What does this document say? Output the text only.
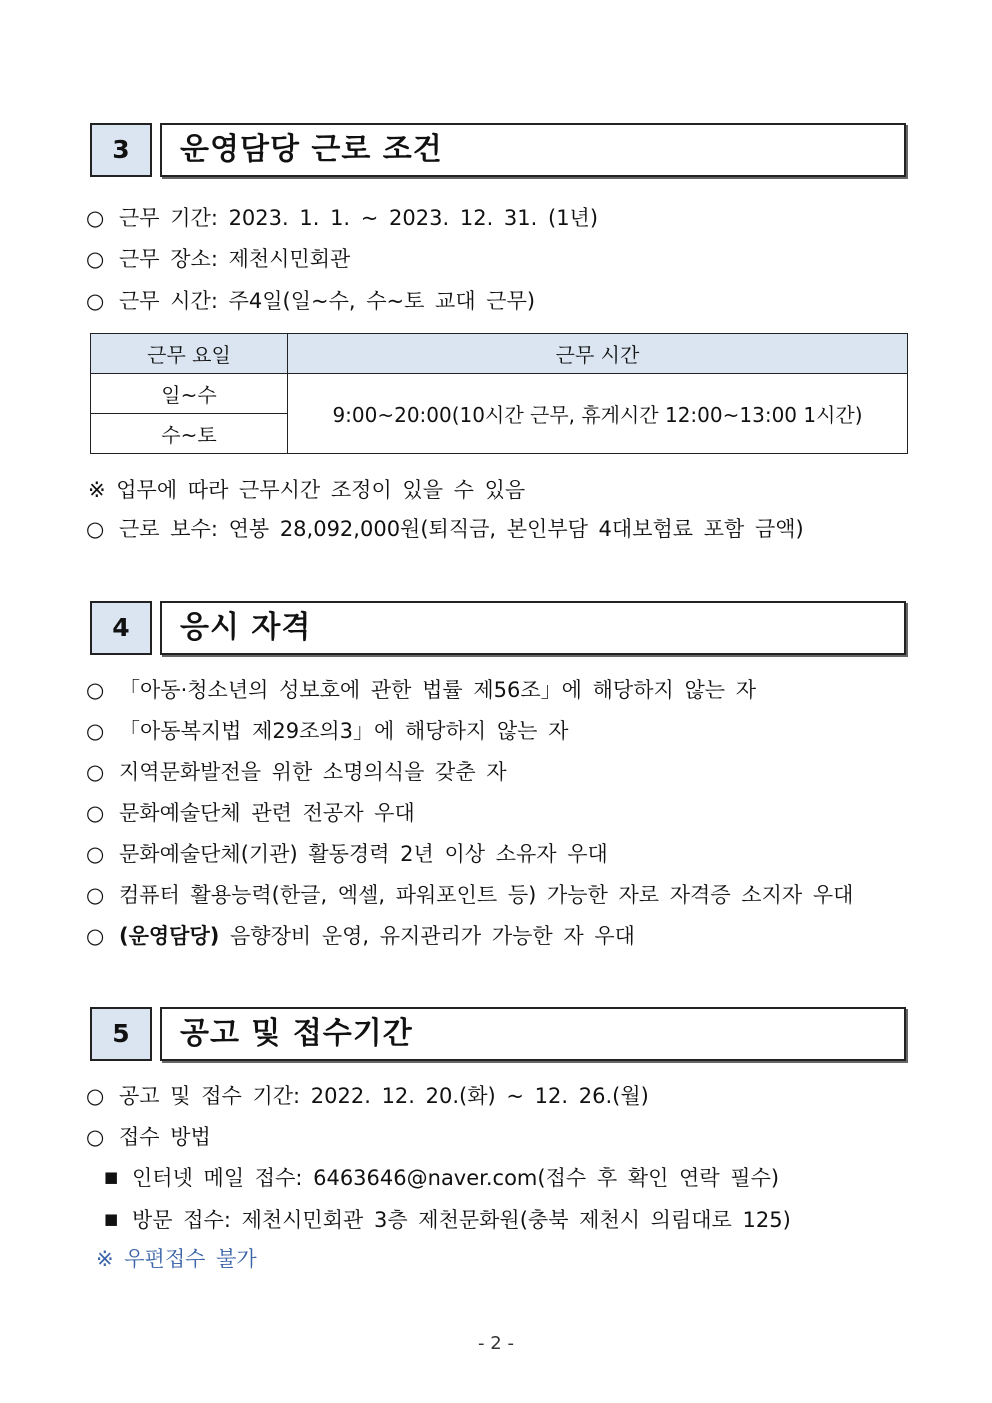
3	운영담당 근로 조건
○ 근무 기간: 2023. 1. 1. ~ 2023. 12. 31. (1년)
○ 근무 장소: 제천시민회관
○ 근무 시간: 주4일(일~수, 수~토 교대 근무)
근무 요일	근무 시간
일~수	9:00~20:00(10시간 근무, 휴게시간 12:00~13:00 1시간)
수~토	
※ 업무에 따라 근무시간 조정이 있을 수 있음
○ 근로 보수: 연봉 28,092,000원(퇴직금, 본인부담 4대보험료 포함 금액)
4	응시 자격
○ 「아동·청소년의 성보호에 관한 법률 제56조」에 해당하지 않는 자
○ 「아동복지법 제29조의3」에 해당하지 않는 자
○ 지역문화발전을 위한 소명의식을 갖춘 자
○ 문화예술단체 관련 전공자 우대
○ 문화예술단체(기관) 활동경력 2년 이상 소유자 우대
○ 컴퓨터 활용능력(한글, 엑셀, 파워포인트 등) 가능한 자로 자격증 소지자 우대
○ (운영담당) 음향장비 운영, 유지관리가 가능한 자 우대
5	공고 및 접수기간
○ 공고 및 접수 기간: 2022. 12. 20.(화) ~ 12. 26.(월)
○ 접수 방법
■ 인터넷 메일 접수: 6463646@naver.com(접수 후 확인 연락 필수)
■ 방문 접수: 제천시민회관 3층 제천문화원(충북 제천시 의림대로 125)
※ 우편접수 불가
- 2 -
